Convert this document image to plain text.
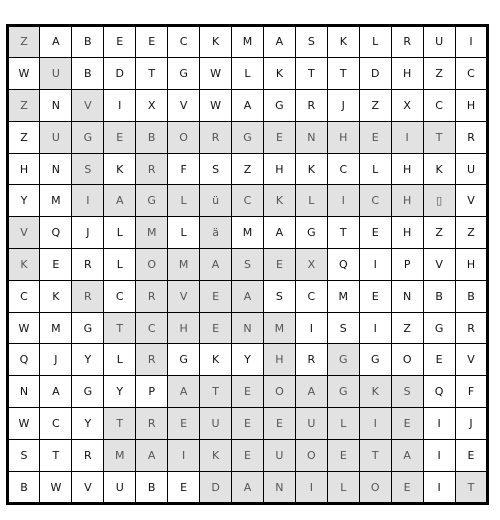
Z	A	B	E	E	C	K	M	A	S	K	L	R	U	I
W	U	B	D	T	G	W	L	K	T	T	D	H	Z	C
Z	N	V	I	X	V	W	A	G	R	J	Z	X	C	H
Z	U	G	E	B	O	R	G	E	N	H	E	I	T	R
H	N	S	K	R	F	S	Z	H	K	C	L	H	K	U
Y	M	I	A	G	L	ü	C	K	L	I	C	H	▯	V
V	Q	J	L	M	L	ä	M	A	G	T	E	H	Z	Z
K	E	R	L	O	M	A	S	E	X	Q	I	P	V	H
C	K	R	C	R	V	E	A	S	C	M	E	N	B	B
W	M	G	T	C	H	E	N	M	I	S	I	Z	G	R
Q	J	Y	L	R	G	K	Y	H	R	G	G	O	E	V
N	A	G	Y	P	A	T	E	O	A	G	K	S	Q	F
W	C	Y	T	R	E	U	E	E	U	L	I	E	I	J
S	T	R	M	A	I	K	E	U	O	E	T	A	I	E
B	W	V	U	B	E	D	A	N	I	L	O	E	I	T
